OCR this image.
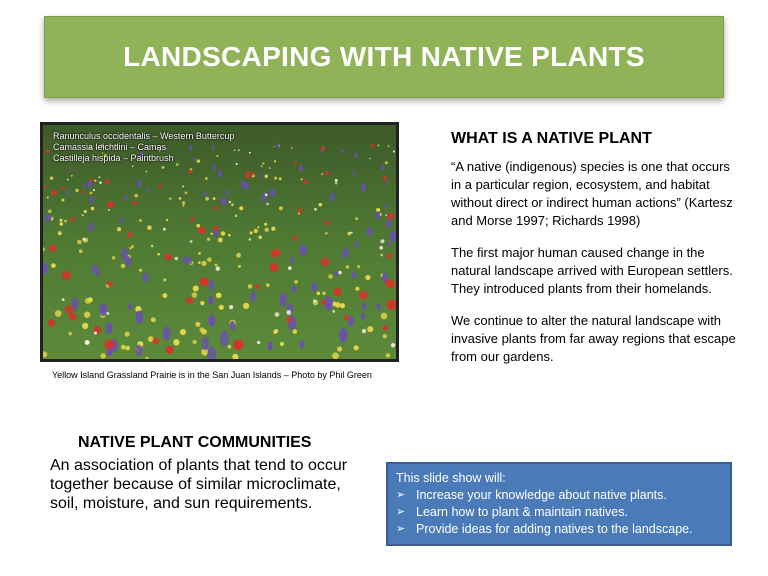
LANDSCAPING WITH NATIVE PLANTS
Ranunculus occidentalis – Western Buttercup
Camassia leichtlini – Camas
Castilleja hispida – Paintbrush
Yellow Island Grassland Prairie is in the San Juan Islands – Photo by Phil Green
WHAT IS A NATIVE PLANT

“A native (indigenous) species is one that occurs in a particular region, ecosystem, and habitat without direct or indirect human actions” (Kartesz and Morse 1997; Richards 1998)

The first major human caused change in the natural landscape arrived with European settlers. They introduced plants from their homelands.

We continue to alter the natural landscape with invasive plants from far away regions that escape from our gardens.

NATIVE PLANT COMMUNITIES

An association of plants that tend to occur together because of similar microclimate, soil, moisture, and sun requirements.

This slide show will:
➢ Increase your knowledge about native plants.
➢ Learn how to plant & maintain natives.
➢ Provide ideas for adding natives to the landscape.
